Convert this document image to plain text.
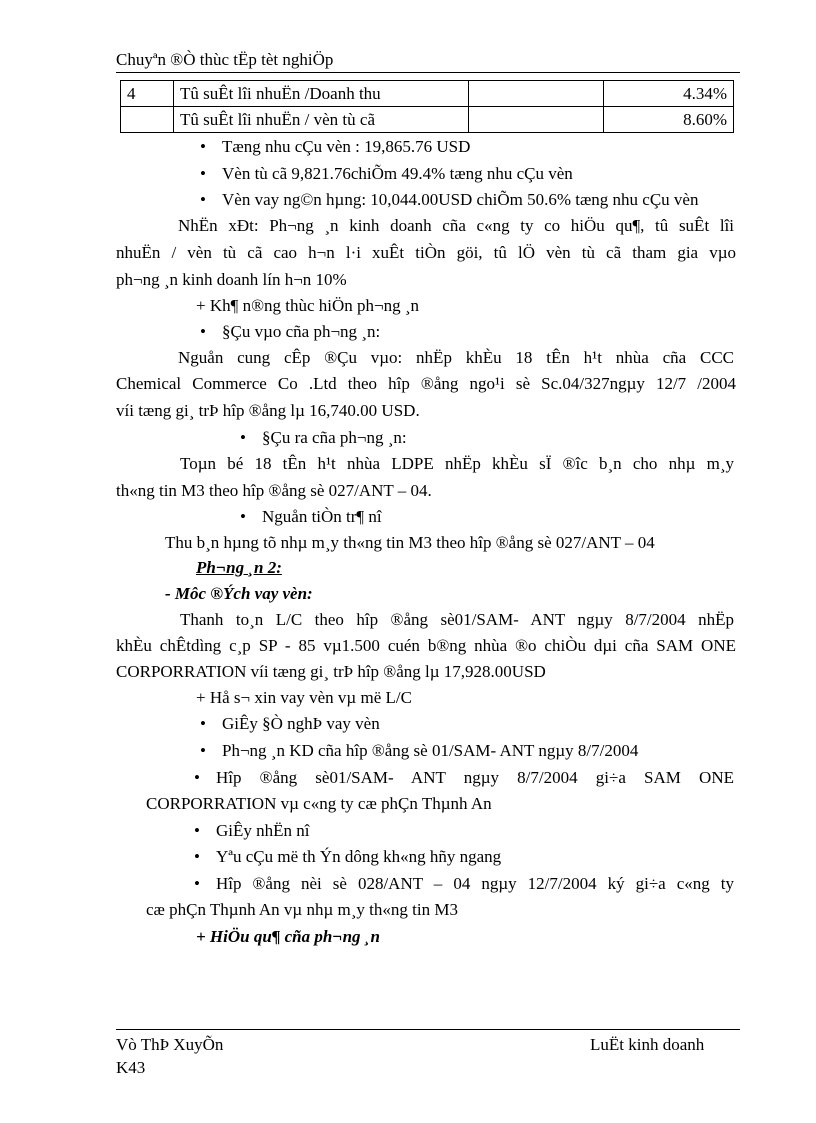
Chuyªn ®Ò thùc tËp tèt nghiÖp
4	Tû suÊt lîi nhuËn /Doanh thu		4.34%
	Tû suÊt lîi nhuËn / vèn tù cã		8.60%
• Tæng nhu cÇu vèn : 19,865.76 USD
• Vèn tù cã 9,821.76chiÕm 49.4% tæng nhu cÇu vèn
• Vèn vay ng©n hµng: 10,044.00USD chiÕm 50.6% tæng nhu cÇu vèn
NhËn xÐt: Ph¬ng ¸n kinh doanh cña c«ng ty co hiÖu qu¶, tû suÊt lîi
nhuËn / vèn tù cã cao h¬n l·i xuÊt tiÒn göi, tû lÖ vèn tù cã tham gia vµo
ph¬ng ¸n kinh doanh lín h¬n 10%
+ Kh¶ n®ng thùc hiÖn ph¬ng ¸n
• §Çu vµo cña ph¬ng ¸n:
Nguån cung cÊp ®Çu vµo: nhËp khÈu 18 tÊn h¹t nhùa cña CCC
Chemical Commerce Co .Ltd theo hîp ®ång ngo¹i sè Sc.04/327ngµy 12/7 /2004
víi tæng gi¸ trÞ hîp ®ång lµ 16,740.00 USD.
• §Çu ra cña ph¬ng ¸n:
Toµn bé 18 tÊn h¹t nhùa LDPE nhËp khÈu sÏ ®îc b¸n cho nhµ m¸y
th«ng tin M3 theo hîp ®ång sè 027/ANT – 04.
• Nguån tiÒn tr¶ nî
Thu b¸n hµng tõ nhµ m¸y th«ng tin M3 theo hîp ®ång sè 027/ANT – 04
Ph¬ng ¸n 2:
- Môc ®Ých vay vèn:
Thanh to¸n L/C theo hîp ®ång sè01/SAM- ANT ngµy 8/7/2004 nhËp
khÈu chÊtdìng c¸p SP - 85 vµ1.500 cuén b®ng nhùa ®o chiÒu dµi cña SAM ONE
CORPORRATION víi tæng gi¸ trÞ hîp ®ång lµ 17,928.00USD
+ Hå s¬ xin vay vèn vµ më L/C
• GiÊy §Ò nghÞ vay vèn
• Ph¬ng ¸n KD cña hîp ®ång sè 01/SAM- ANT ngµy 8/7/2004
• Hîp ®ång sè01/SAM- ANT ngµy 8/7/2004 gi÷a SAM ONE
CORPORRATION vµ c«ng ty cæ phÇn Thµnh An
• GiÊy nhËn nî
• Yªu cÇu më th Ýn dông kh«ng hñy ngang
• Hîp ®ång nèi sè 028/ANT – 04 ngµy 12/7/2004 ký gi÷a c«ng ty
cæ phÇn Thµnh An vµ nhµ m¸y th«ng tin M3
+ HiÖu qu¶ cña ph¬ng ¸n
Vò ThÞ XuyÕn
K43
LuËt kinh doanh
